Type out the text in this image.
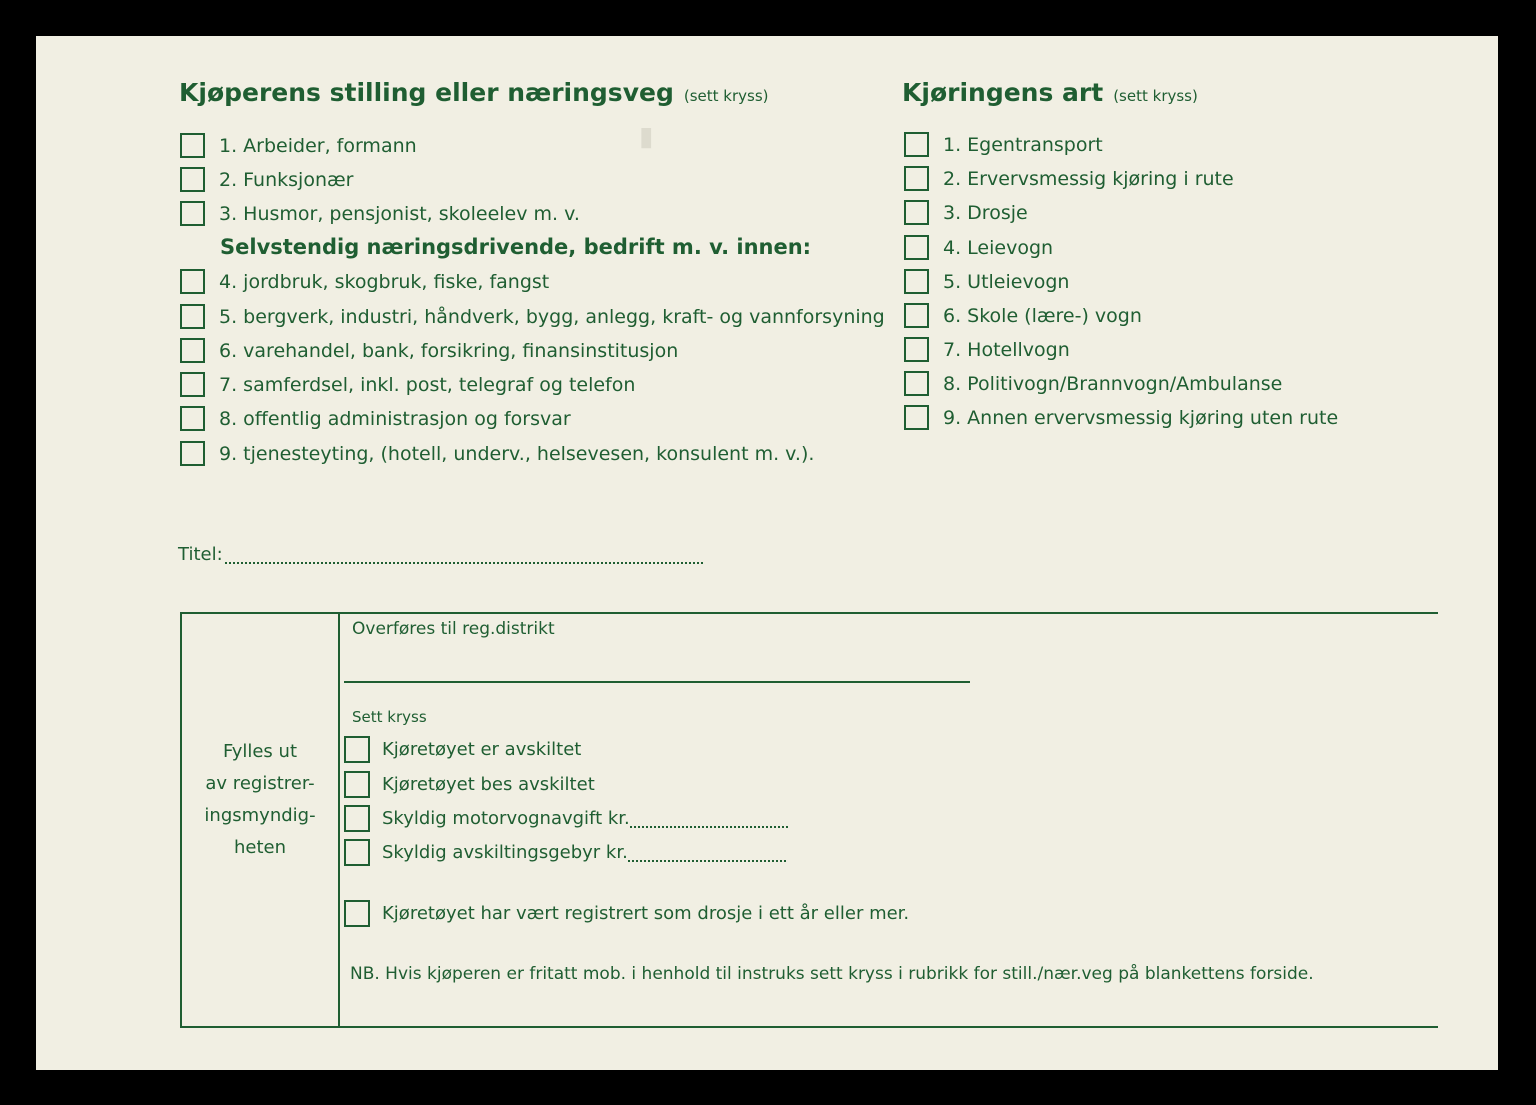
▮
Kjøperens stilling eller næringsveg (sett kryss)
1. Arbeider, formann
2. Funksjonær
3. Husmor, pensjonist, skoleelev m. v.
Selvstendig næringsdrivende, bedrift m. v. innen:
4. jordbruk, skogbruk, fiske, fangst
5. bergverk, industri, håndverk, bygg, anlegg, kraft- og vannforsyning
6. varehandel, bank, forsikring, finansinstitusjon
7. samferdsel, inkl. post, telegraf og telefon
8. offentlig administrasjon og forsvar
9. tjenesteyting, (hotell, underv., helsevesen, konsulent m. v.).
Kjøringens art (sett kryss)
1. Egentransport
2. Ervervsmessig kjøring i rute
3. Drosje
4. Leievogn
5. Utleievogn
6. Skole (lære-) vogn
7. Hotellvogn
8. Politivogn/Brannvogn/Ambulanse
9. Annen ervervsmessig kjøring uten rute
Titel:
Fylles ut
av registrer-
ingsmyndig-
heten
Overføres til reg.distrikt
Sett kryss
Kjøretøyet er avskiltet
Kjøretøyet bes avskiltet
Skyldig motorvognavgift kr.
Skyldig avskiltingsgebyr kr.
Kjøretøyet har vært registrert som drosje i ett år eller mer.
NB. Hvis kjøperen er fritatt mob. i henhold til instruks sett kryss i rubrikk for still./nær.veg på blankettens forside.
